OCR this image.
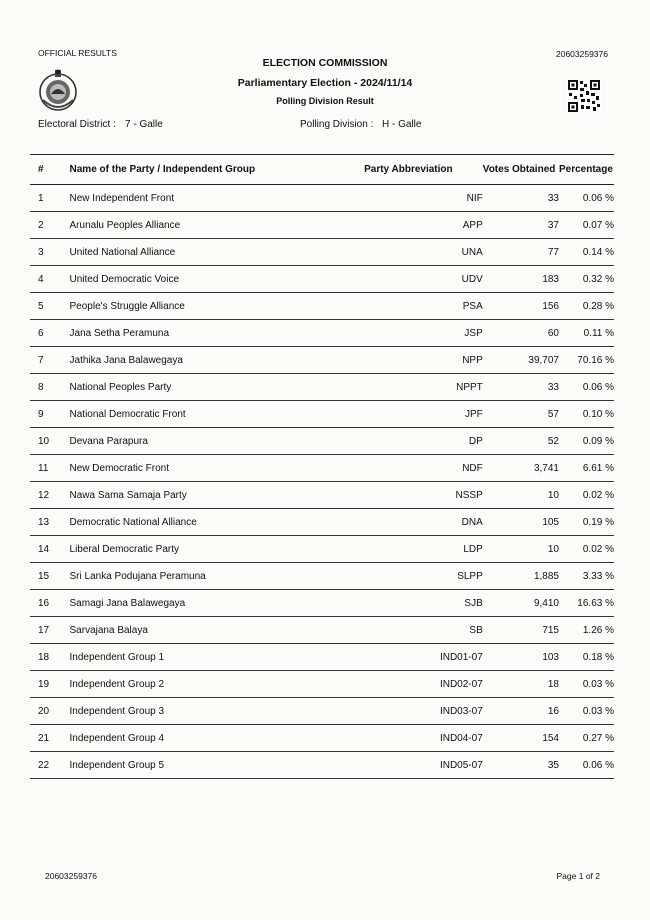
OFFICIAL RESULTS	20603259376
ELECTION COMMISSION
Parliamentary Election - 2024/11/14
Polling Division Result
Electoral District : 7 - Galle	Polling Division : H - Galle
#	Name of the Party / Independent Group	Party Abbreviation	Votes Obtained	Percentage
1	New Independent Front	NIF	33	0.06 %
2	Arunalu Peoples Alliance	APP	37	0.07 %
3	United National Alliance	UNA	77	0.14 %
4	United Democratic Voice	UDV	183	0.32 %
5	People's Struggle Alliance	PSA	156	0.28 %
6	Jana Setha Peramuna	JSP	60	0.11 %
7	Jathika Jana Balawegaya	NPP	39,707	70.16 %
8	National Peoples Party	NPPT	33	0.06 %
9	National Democratic Front	JPF	57	0.10 %
10	Devana Parapura	DP	52	0.09 %
11	New Democratic Front	NDF	3,741	6.61 %
12	Nawa Sama Samaja Party	NSSP	10	0.02 %
13	Democratic National Alliance	DNA	105	0.19 %
14	Liberal Democratic Party	LDP	10	0.02 %
15	Sri Lanka Podujana Peramuna	SLPP	1,885	3.33 %
16	Samagi Jana Balawegaya	SJB	9,410	16.63 %
17	Sarvajana Balaya	SB	715	1.26 %
18	Independent Group 1	IND01-07	103	0.18 %
19	Independent Group 2	IND02-07	18	0.03 %
20	Independent Group 3	IND03-07	16	0.03 %
21	Independent Group 4	IND04-07	154	0.27 %
22	Independent Group 5	IND05-07	35	0.06 %
20603259376	Page 1 of 2
